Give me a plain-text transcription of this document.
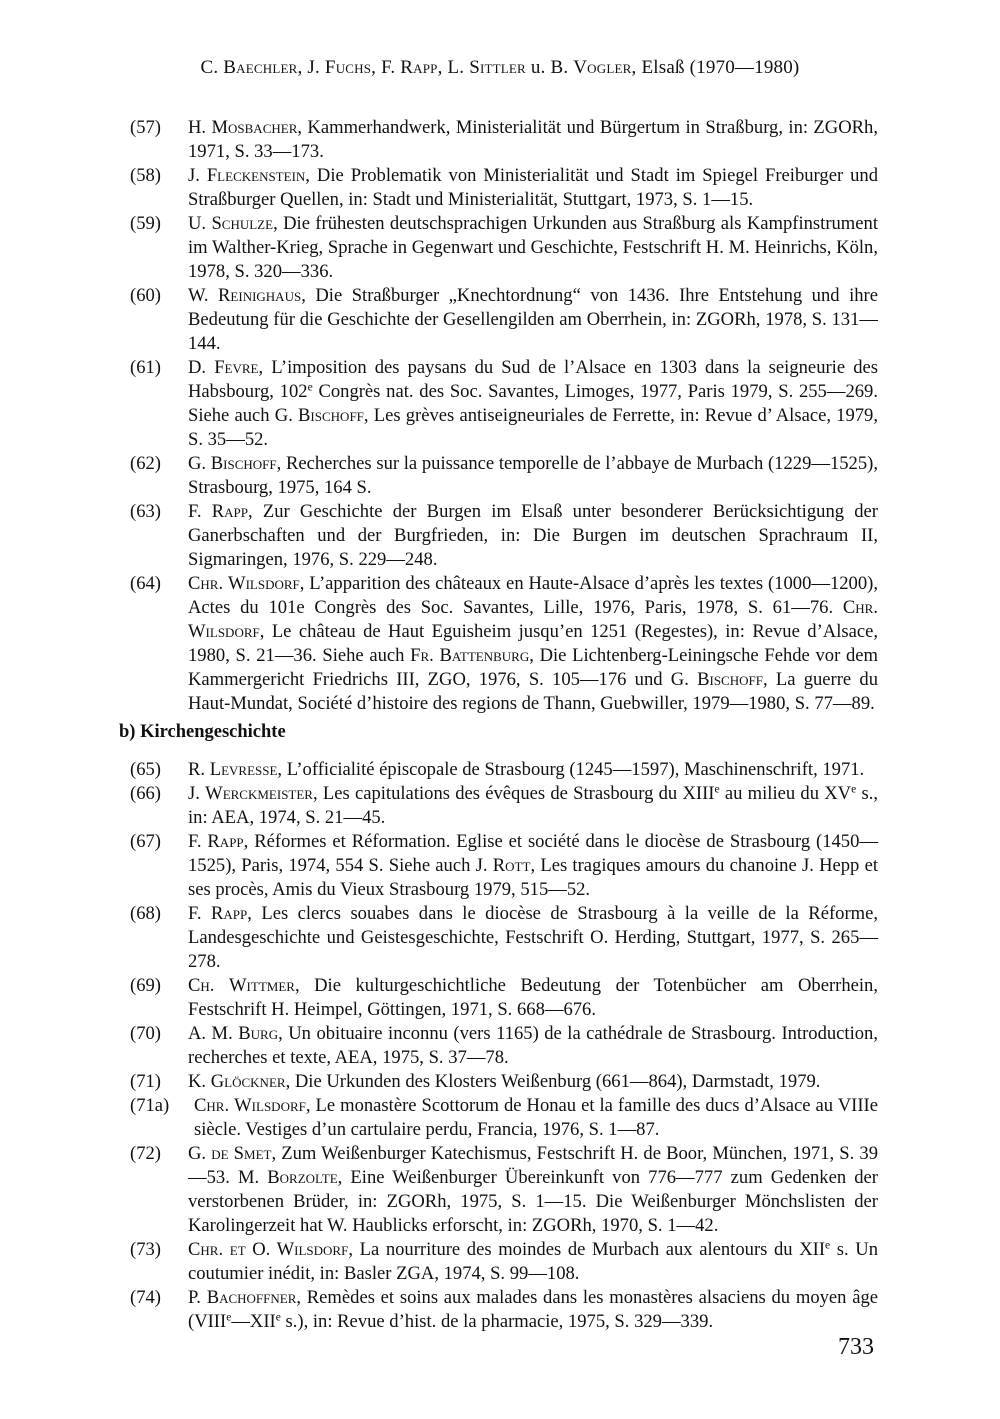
C. Baechler, J. Fuchs, F. Rapp, L. Sittler u. B. Vogler, Elsaß (1970—1980)
(57) H. Mosbacher, Kammerhandwerk, Ministerialität und Bürgertum in Straßburg, in: ZGORh, 1971, S. 33—173.
(58) J. Fleckenstein, Die Problematik von Ministerialität und Stadt im Spiegel Freiburger und Straßburger Quellen, in: Stadt und Ministerialität, Stuttgart, 1973, S. 1—15.
(59) U. Schulze, Die frühesten deutschsprachigen Urkunden aus Straßburg als Kampfinstrument im Walther-Krieg, Sprache in Gegenwart und Geschichte, Festschrift H. M. Heinrichs, Köln, 1978, S. 320—336.
(60) W. Reinighaus, Die Straßburger „Knechtordnung“ von 1436. Ihre Entstehung und ihre Bedeutung für die Geschichte der Gesellengilden am Oberrhein, in: ZGORh, 1978, S. 131—144.
(61) D. Fevre, L’imposition des paysans du Sud de l’Alsace en 1303 dans la seigneurie des Habsbourg, 102e Congrès nat. des Soc. Savantes, Limoges, 1977, Paris 1979, S. 255—269. Siehe auch G. Bischoff, Les grèves antiseigneuriales de Ferrette, in: Revue d’ Alsace, 1979, S. 35—52.
(62) G. Bischoff, Recherches sur la puissance temporelle de l’abbaye de Murbach (1229—1525), Strasbourg, 1975, 164 S.
(63) F. Rapp, Zur Geschichte der Burgen im Elsaß unter besonderer Berücksichtigung der Ganerbschaften und der Burgfrieden, in: Die Burgen im deutschen Sprachraum II, Sigmaringen, 1976, S. 229—248.
(64) Chr. Wilsdorf, L’apparition des châteaux en Haute-Alsace d’après les textes (1000—1200), Actes du 101e Congrès des Soc. Savantes, Lille, 1976, Paris, 1978, S. 61—76. Chr. Wilsdorf, Le château de Haut Eguisheim jusqu’en 1251 (Regestes), in: Revue d’Alsace, 1980, S. 21—36. Siehe auch Fr. Battenburg, Die Lichtenberg-Leiningsche Fehde vor dem Kammergericht Friedrichs III, ZGO, 1976, S. 105—176 und G. Bischoff, La guerre du Haut-Mundat, Société d’histoire des regions de Thann, Guebwiller, 1979—1980, S. 77—89.
b) Kirchengeschichte
(65) R. Levresse, L’officialité épiscopale de Strasbourg (1245—1597), Maschinenschrift, 1971.
(66) J. Werckmeister, Les capitulations des évêques de Strasbourg du XIIIe au milieu du XVe s., in: AEA, 1974, S. 21—45.
(67) F. Rapp, Réformes et Réformation. Eglise et société dans le diocèse de Strasbourg (1450—1525), Paris, 1974, 554 S. Siehe auch J. Rott, Les tragiques amours du chanoine J. Hepp et ses procès, Amis du Vieux Strasbourg 1979, 515—52.
(68) F. Rapp, Les clercs souabes dans le diocèse de Strasbourg à la veille de la Réforme, Landesgeschichte und Geistesgeschichte, Festschrift O. Herding, Stuttgart, 1977, S. 265—278.
(69) Ch. Wittmer, Die kulturgeschichtliche Bedeutung der Totenbücher am Oberrhein, Festschrift H. Heimpel, Göttingen, 1971, S. 668—676.
(70) A. M. Burg, Un obituaire inconnu (vers 1165) de la cathédrale de Strasbourg. Introduction, recherches et texte, AEA, 1975, S. 37—78.
(71) K. Glöckner, Die Urkunden des Klosters Weißenburg (661—864), Darmstadt, 1979.
(71a) Chr. Wilsdorf, Le monastère Scottorum de Honau et la famille des ducs d’Alsace au VIIIe siècle. Vestiges d’un cartulaire perdu, Francia, 1976, S. 1—87.
(72) G. de Smet, Zum Weißenburger Katechismus, Festschrift H. de Boor, München, 1971, S. 39—53. M. Borzolte, Eine Weißenburger Übereinkunft von 776—777 zum Gedenken der verstorbenen Brüder, in: ZGORh, 1975, S. 1—15. Die Weißenburger Mönchslisten der Karolingerzeit hat W. Haublicks erforscht, in: ZGORh, 1970, S. 1—42.
(73) Chr. et O. Wilsdorf, La nourriture des moindes de Murbach aux alentours du XIIe s. Un coutumier inédit, in: Basler ZGA, 1974, S. 99—108.
(74) P. Bachoffner, Remèdes et soins aux malades dans les monastères alsaciens du moyen âge (VIIIe—XIIe s.), in: Revue d’hist. de la pharmacie, 1975, S. 329—339.
733
